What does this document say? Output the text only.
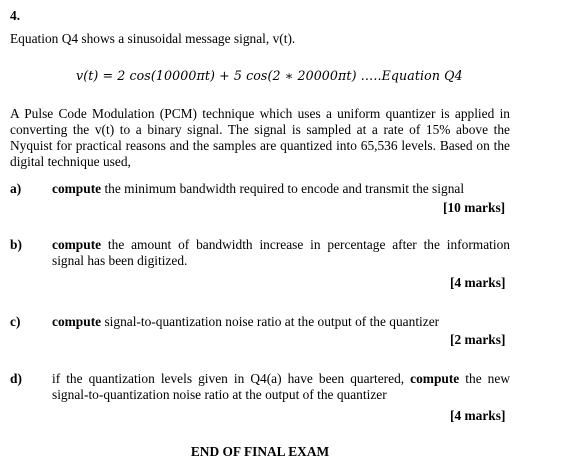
4.
Equation Q4 shows a sinusoidal message signal, v(t).
v(t) = 2 cos(10000πt) + 5 cos(2 ∗ 20000πt) …..Equation Q4
A Pulse Code Modulation (PCM) technique which uses a uniform quantizer is applied in converting the v(t) to a binary signal. The signal is sampled at a rate of 15% above the Nyquist for practical reasons and the samples are quantized into 65,536 levels. Based on the digital technique used,
a) compute the minimum bandwidth required to encode and transmit the signal
[10 marks]
b) compute the amount of bandwidth increase in percentage after the information signal has been digitized.
[4 marks]
c) compute signal-to-quantization noise ratio at the output of the quantizer
[2 marks]
d) if the quantization levels given in Q4(a) have been quartered, compute the new signal-to-quantization noise ratio at the output of the quantizer
[4 marks]
END OF FINAL EXAM
